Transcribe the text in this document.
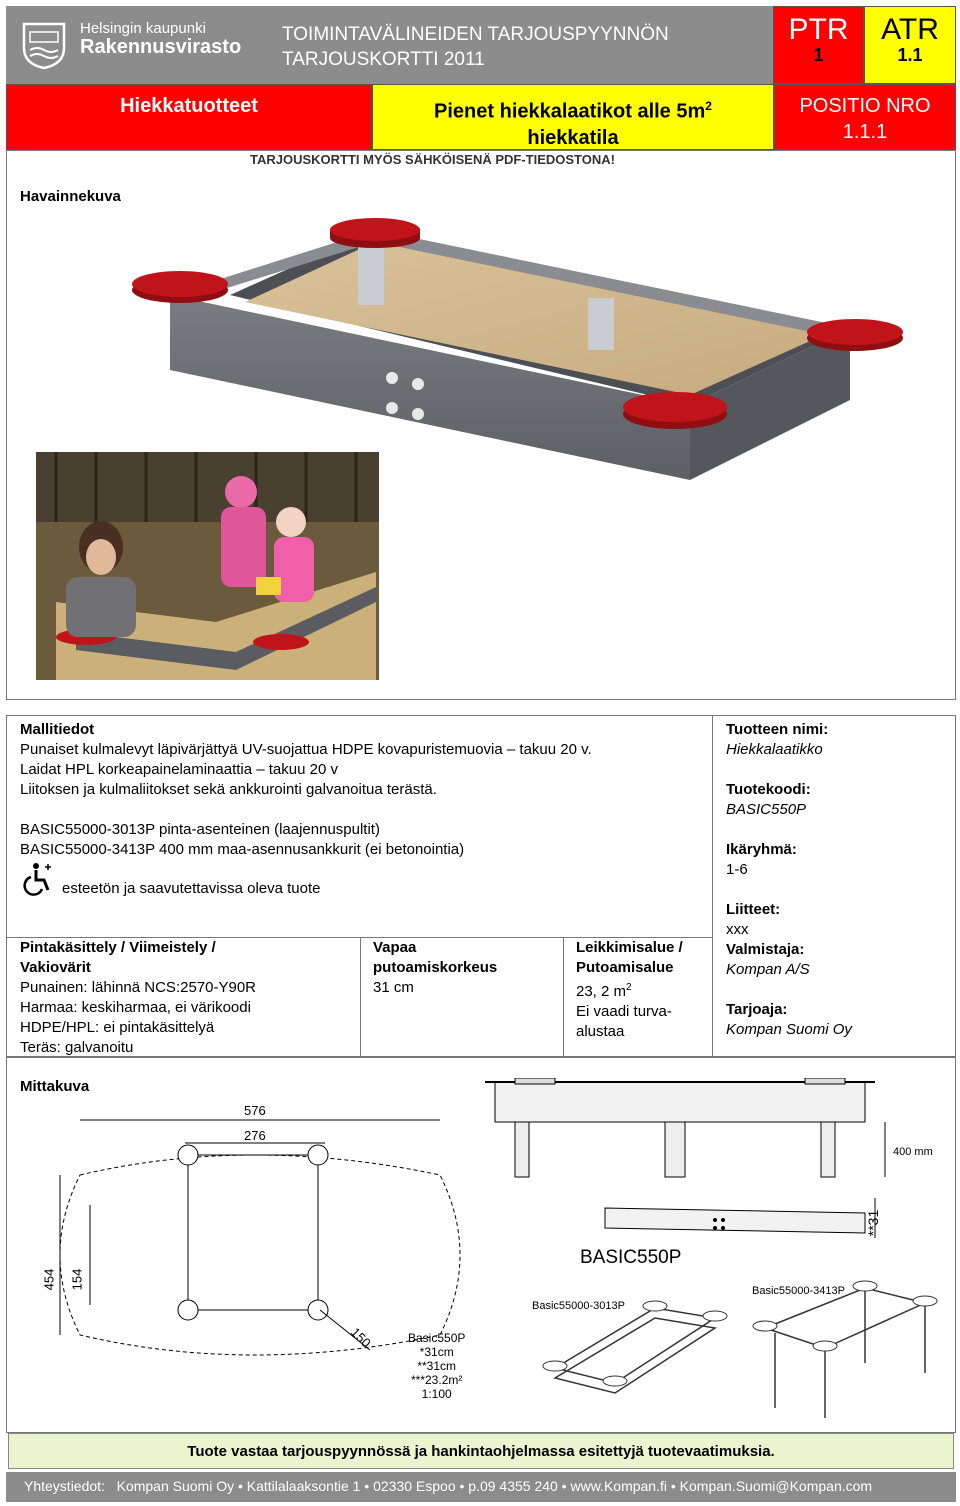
Helsingin kaupunki
Rakennusvirasto
TOIMINTAVÄLINEIDEN TARJOUSPYYNNÖN
TARJOUSKORTTI 2011
PTR
1
ATR
1.1
Hiekkatuotteet	Pienet hiekkalaatikot alle $5m^2$
hiekkatila
POSITIO NRO
1.1.1
TARJOUSKORTTI MYÖS SÄHKÖISENÄ PDF-TIEDOSTONA!
Havainnekuva
Mallitiedot
Punaiset kulmalevyt läpivärjättyä UV-suojattua HDPE kovapuristemuovia – takuu 20 v.
Laidat HPL korkeapainelaminaattia – takuu 20 v
Liitoksen ja kulmaliitokset sekä ankkurointi galvanoitua terästä.
BASIC55000-3013P pinta-asenteinen (laajennuspultit)
BASIC55000-3413P 400 mm maa-asennusankkurit (ei betonointia)
esteetön ja saavutettavissa oleva tuote
Tuotteen nimi:
Hiekkalaatikko
Tuotekoodi:
BASIC550P
Ikäryhmä:
1-6
Liitteet:
xxx
Valmistaja:
Kompan A/S
Tarjoaja:
Kompan Suomi Oy
Pintakäsittely / Viimeistely /
Vakiovärit
Punainen: lähinnä NCS:2570-Y90R
Harmaa: keskiharmaa, ei värikoodi
HDPE/HPL: ei pintakäsittelyä
Teräs: galvanoitu
Vapaa
putoamiskorkeus
31 cm
Leikkimisalue /
Putoamisalue
23, 2 $m^2$
Ei vaadi turva-
alustaa
Mittakuva
576
276
454 154
150	Basic550P
*31cm
**31cm
***23.2m²
1:100
400 mm
**31
BASIC550P
Basic55000-3013P
Basic55000-3413P
Tuote vastaa tarjouspyynnössä ja hankintaohjelmassa esitettyjä tuotevaatimuksia.
Yhteystiedot:   Kompan Suomi Oy • Kattilalaaksontie 1 • 02330 Espoo • p.09 4355 240 • www.Kompan.fi • Kompan.Suomi@Kompan.com
